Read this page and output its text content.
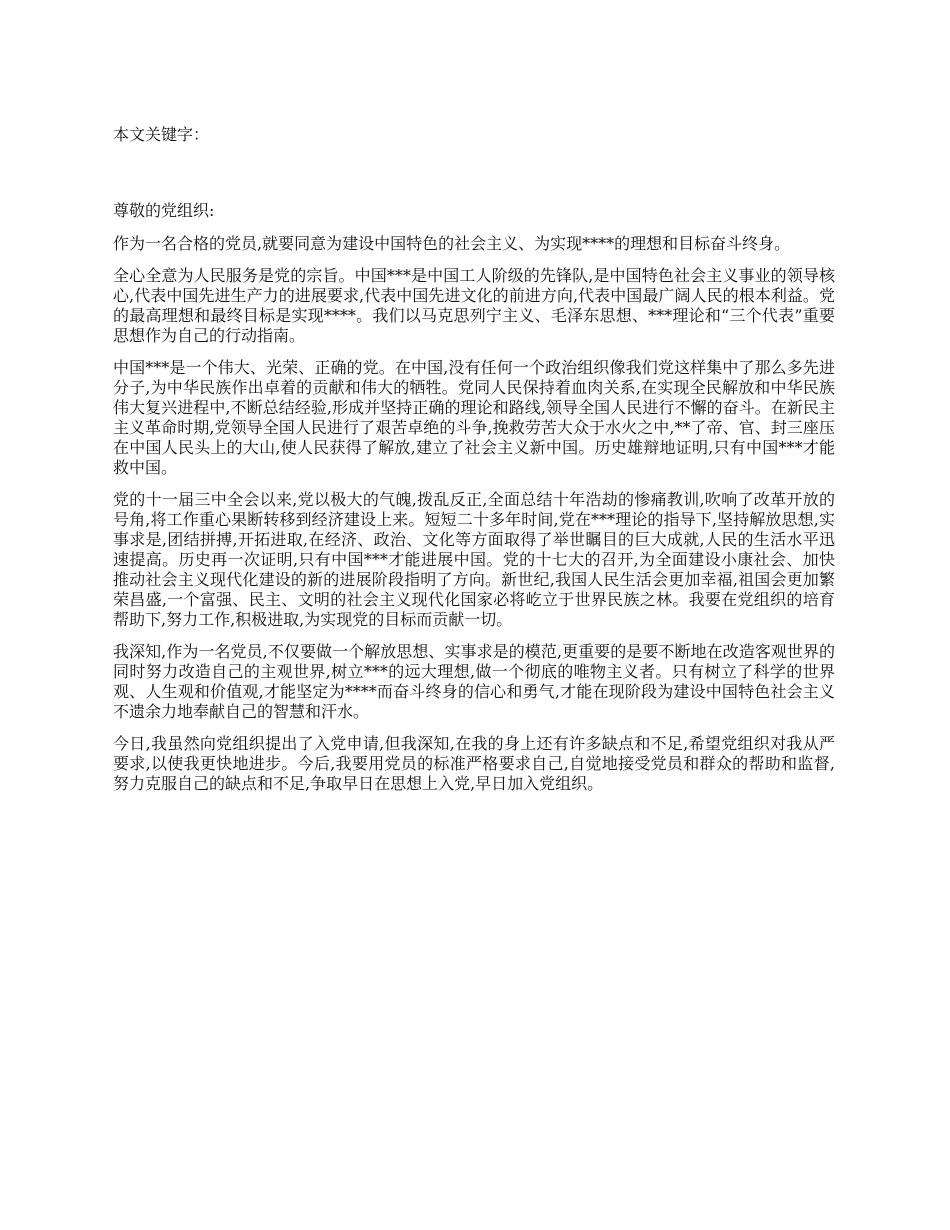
本文关键字：

尊敬的党组织:

作为一名合格的党员,就要同意为建设中国特色的社会主义、为实现****的理想和目标奋斗终身。

全心全意为人民服务是党的宗旨。中国***是中国工人阶级的先锋队,是中国特色社会主义事业的领导核心,代表中国先进生产力的进展要求,代表中国先进文化的前进方向,代表中国最广阔人民的根本利益。党的最高理想和最终目标是实现****。我们以马克思列宁主义、毛泽东思想、***理论和“三个代表”重要思想作为自己的行动指南。

中国***是一个伟大、光荣、正确的党。在中国,没有任何一个政治组织像我们党这样集中了那么多先进分子,为中华民族作出卓着的贡献和伟大的牺牲。党同人民保持着血肉关系,在实现全民解放和中华民族伟大复兴进程中,不断总结经验,形成并坚持正确的理论和路线,领导全国人民进行不懈的奋斗。在新民主主义革命时期,党领导全国人民进行了艰苦卓绝的斗争,挽救劳苦大众于水火之中,**了帝、官、封三座压在中国人民头上的大山,使人民获得了解放,建立了社会主义新中国。历史雄辩地证明,只有中国***才能救中国。

党的十一届三中全会以来,党以极大的气魄,拨乱反正,全面总结十年浩劫的惨痛教训,吹响了改革开放的号角,将工作重心果断转移到经济建设上来。短短二十多年时间,党在***理论的指导下,坚持解放思想,实事求是,团结拼搏,开拓进取,在经济、政治、文化等方面取得了举世瞩目的巨大成就,人民的生活水平迅速提高。历史再一次证明,只有中国***才能进展中国。党的十七大的召开,为全面建设小康社会、加快推动社会主义现代化建设的新的进展阶段指明了方向。新世纪,我国人民生活会更加幸福,祖国会更加繁荣昌盛,一个富强、民主、文明的社会主义现代化国家必将屹立于世界民族之林。我要在党组织的培育帮助下,努力工作,积极进取,为实现党的目标而贡献一切。

我深知,作为一名党员,不仅要做一个解放思想、实事求是的模范,更重要的是要不断地在改造客观世界的同时努力改造自己的主观世界,树立***的远大理想,做一个彻底的唯物主义者。只有树立了科学的世界观、人生观和价值观,才能坚定为****而奋斗终身的信心和勇气,才能在现阶段为建设中国特色社会主义不遗余力地奉献自己的智慧和汗水。

今日,我虽然向党组织提出了入党申请,但我深知,在我的身上还有许多缺点和不足,希望党组织对我从严要求,以使我更快地进步。今后,我要用党员的标准严格要求自己,自觉地接受党员和群众的帮助和监督,努力克服自己的缺点和不足,争取早日在思想上入党,早日加入党组织。
